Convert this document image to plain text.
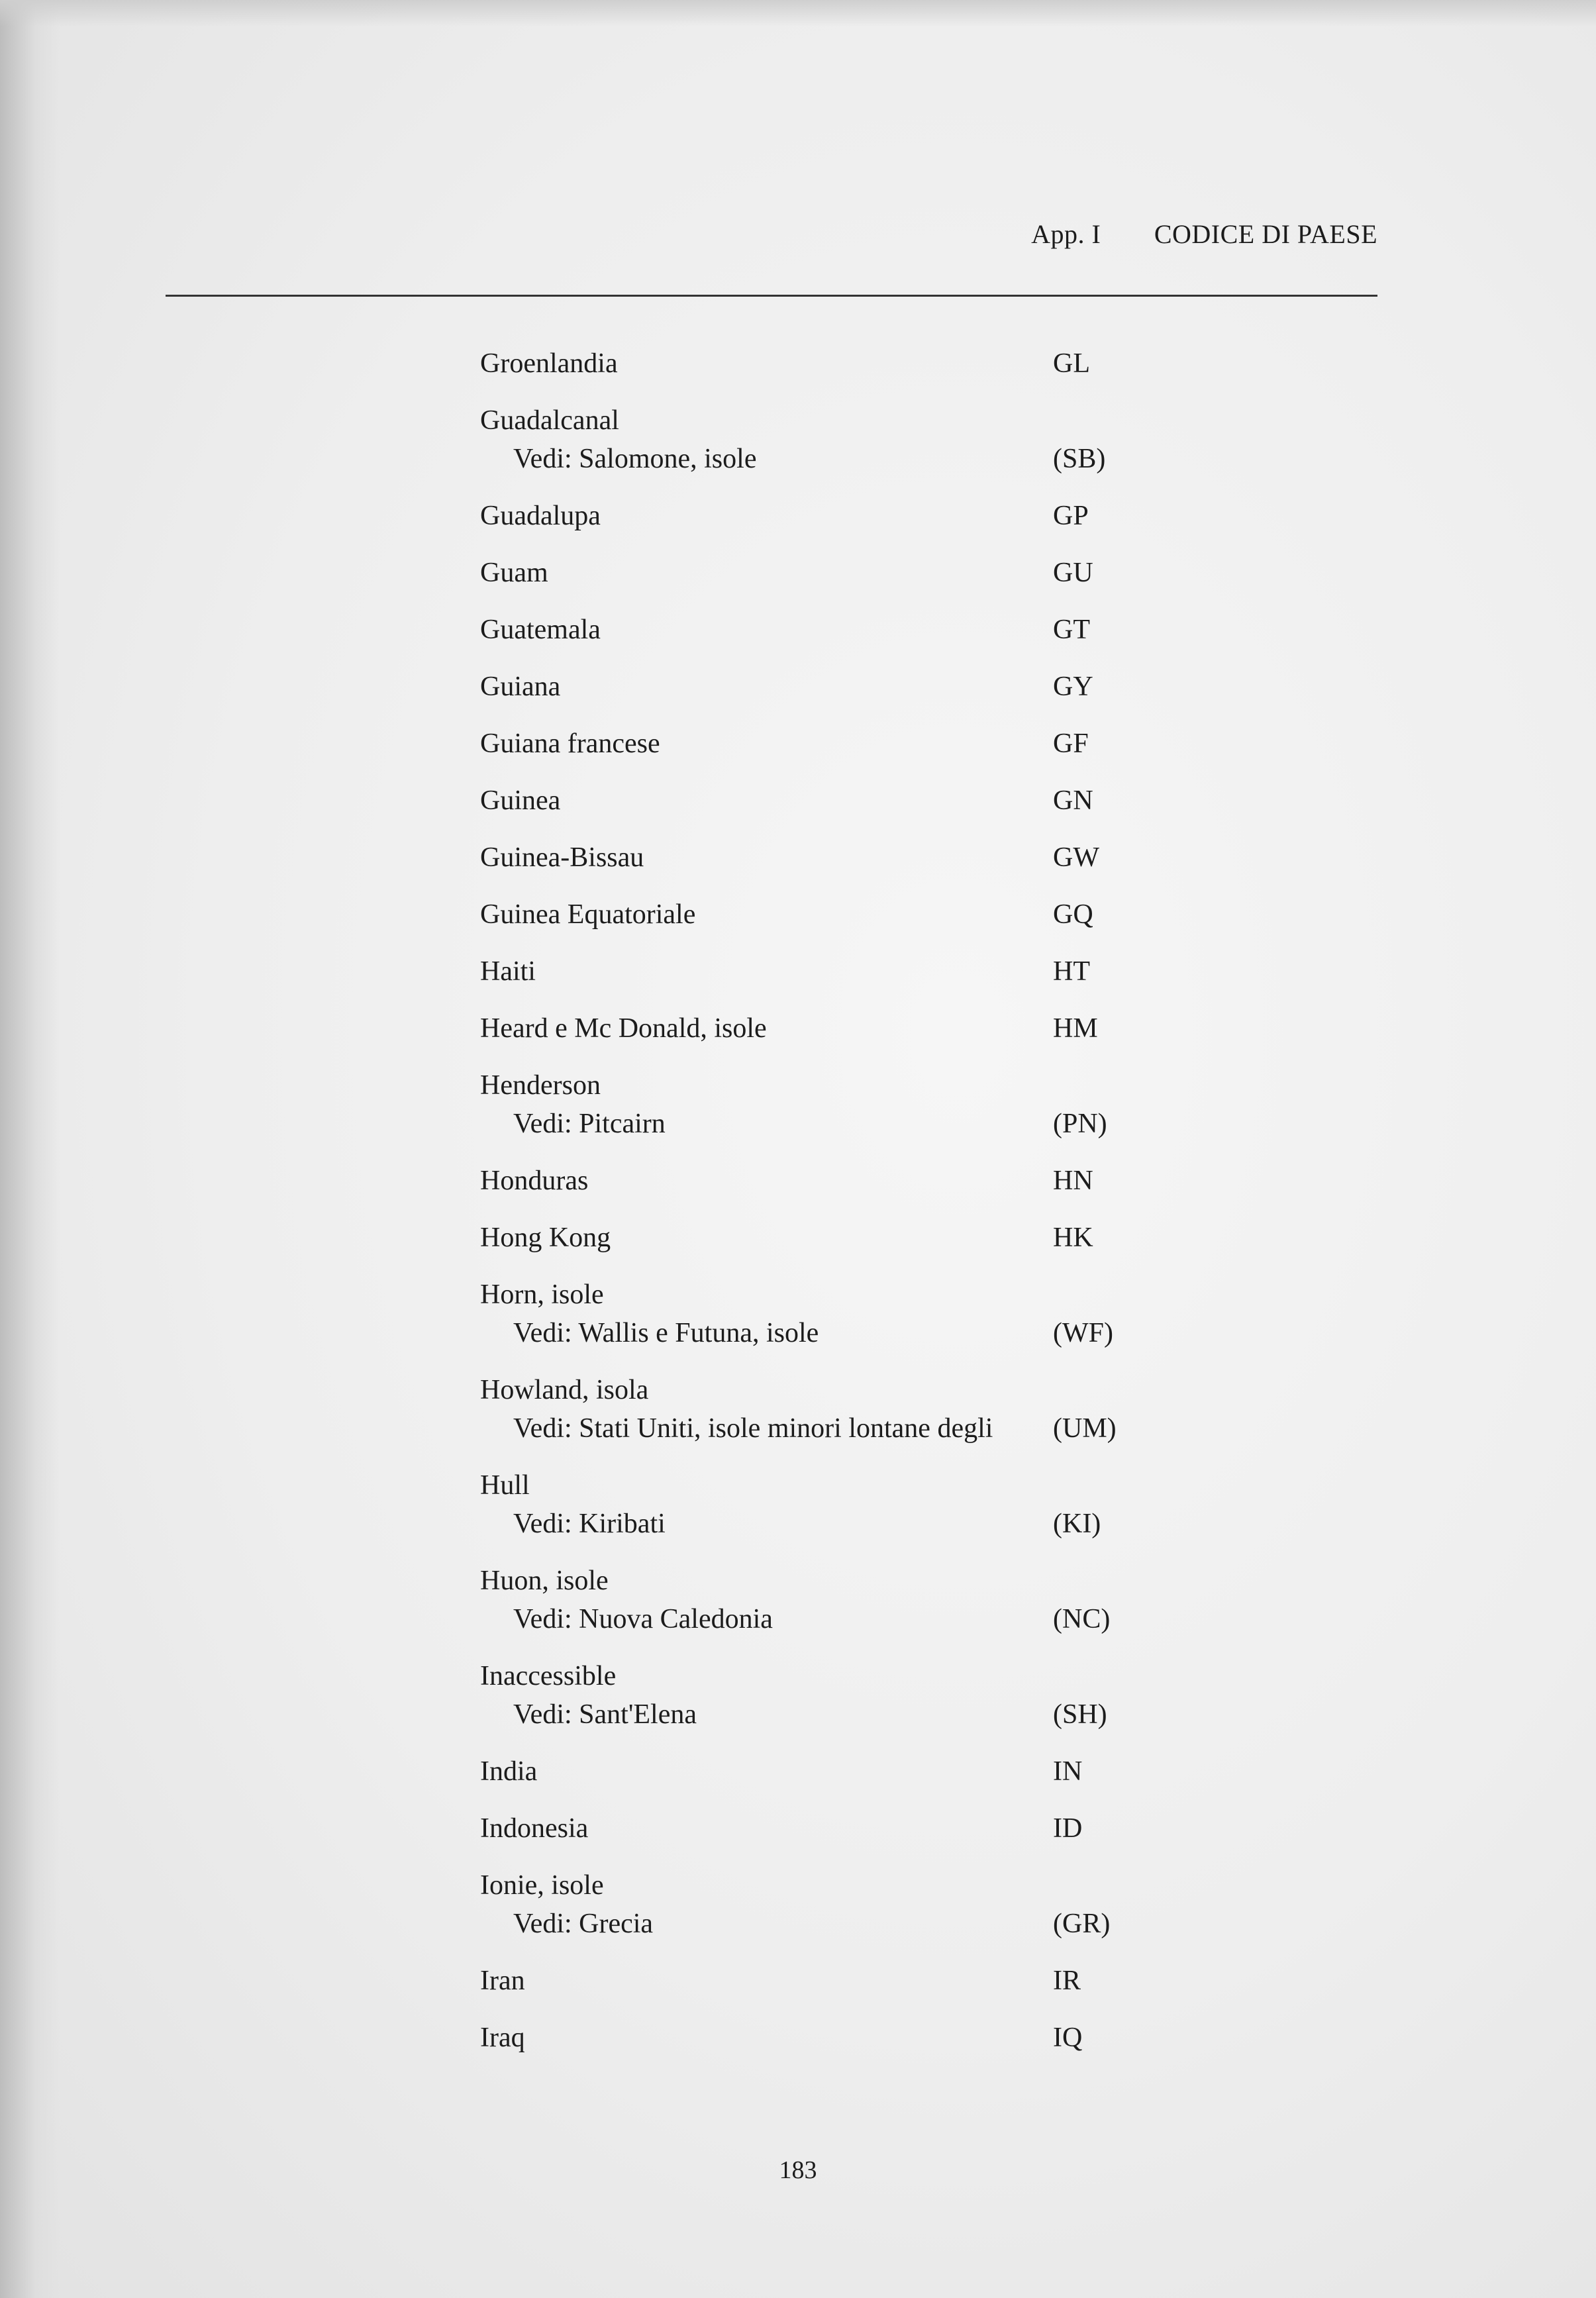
App. I CODICE DI PAESE
Groenlandia	GL
Guadalcanal
Vedi: Salomone, isole	(SB)
Guadalupa	GP
Guam	GU
Guatemala	GT
Guiana	GY
Guiana francese	GF
Guinea	GN
Guinea-Bissau	GW
Guinea Equatoriale	GQ
Haiti	HT
Heard e Mc Donald, isole	HM
Henderson
Vedi: Pitcairn	(PN)
Honduras	HN
Hong Kong	HK
Horn, isole
Vedi: Wallis e Futuna, isole	(WF)
Howland, isola
Vedi: Stati Uniti, isole minori lontane degli (UM)
Hull
Vedi: Kiribati	(KI)
Huon, isole
Vedi: Nuova Caledonia	(NC)
Inaccessible
Vedi: Sant'Elena	(SH)
India	IN
Indonesia	ID
Ionie, isole
Vedi: Grecia	(GR)
Iran	IR
Iraq	IQ
183
